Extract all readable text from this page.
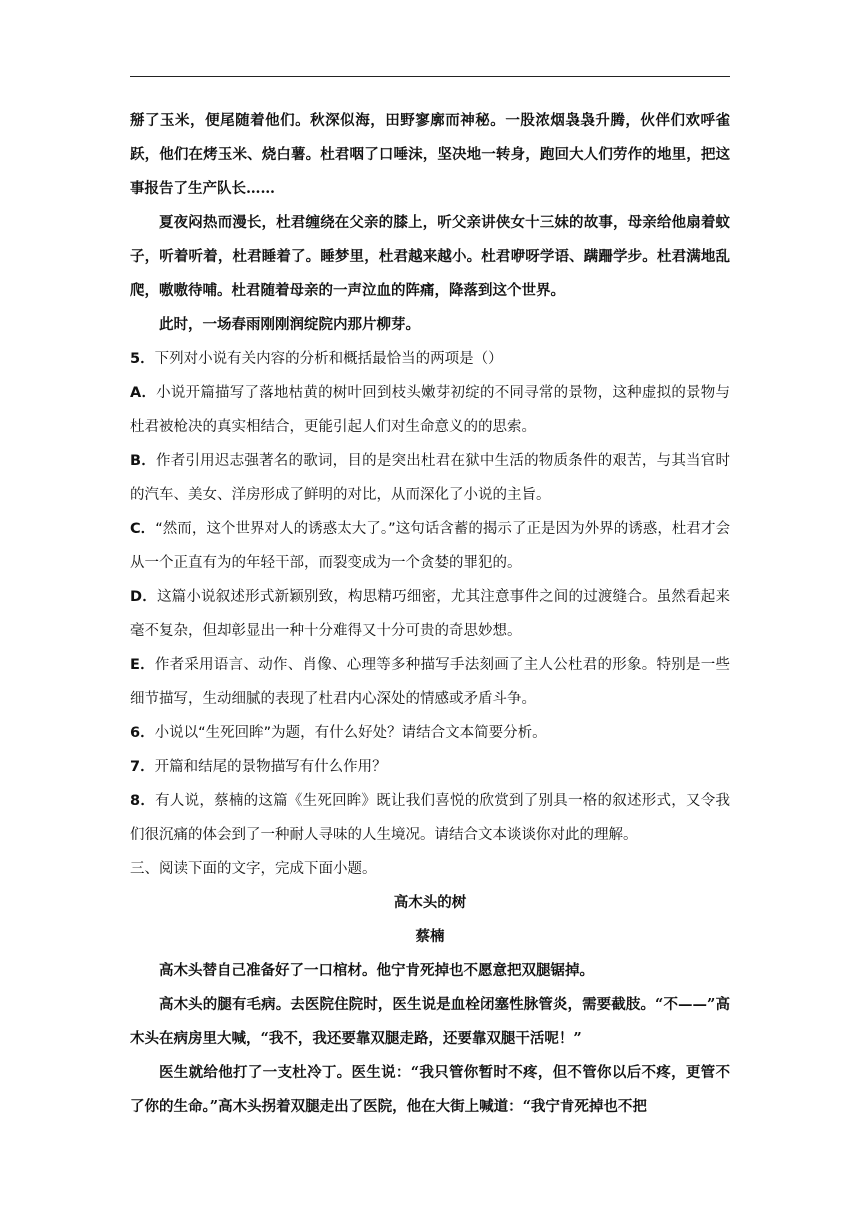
掰了玉米，便尾随着他们。秋深似海，田野寥廓而神秘。一股浓烟袅袅升腾，伙伴们欢呼雀跃，他们在烤玉米、烧白薯。杜君咽了口唾沫，坚决地一转身，跑回大人们劳作的地里，把这事报告了生产队长……

夏夜闷热而漫长，杜君缠绕在父亲的膝上，听父亲讲侠女十三妹的故事，母亲给他扇着蚊子，听着听着，杜君睡着了。睡梦里，杜君越来越小。杜君咿呀学语、蹒跚学步。杜君满地乱爬，嗷嗷待哺。杜君随着母亲的一声泣血的阵痛，降落到这个世界。

此时，一场春雨刚刚润绽院内那片柳芽。

5．下列对小说有关内容的分析和概括最恰当的两项是（）

A．小说开篇描写了落地枯黄的树叶回到枝头嫩芽初绽的不同寻常的景物，这种虚拟的景物与杜君被枪决的真实相结合，更能引起人们对生命意义的的思索。

B．作者引用迟志强著名的歌词，目的是突出杜君在狱中生活的物质条件的艰苦，与其当官时的汽车、美女、洋房形成了鲜明的对比，从而深化了小说的主旨。

C．“然而，这个世界对人的诱惑太大了。”这句话含蓄的揭示了正是因为外界的诱惑，杜君才会从一个正直有为的年轻干部，而裂变成为一个贪婪的罪犯的。

D．这篇小说叙述形式新颖别致，构思精巧细密，尤其注意事件之间的过渡缝合。虽然看起来毫不复杂，但却彰显出一种十分难得又十分可贵的奇思妙想。

E．作者采用语言、动作、肖像、心理等多种描写手法刻画了主人公杜君的形象。特别是一些细节描写，生动细腻的表现了杜君内心深处的情感或矛盾斗争。

6．小说以“生死回眸”为题，有什么好处？请结合文本简要分析。

7．开篇和结尾的景物描写有什么作用？

8．有人说，蔡楠的这篇《生死回眸》既让我们喜悦的欣赏到了别具一格的叙述形式，又令我们很沉痛的体会到了一种耐人寻味的人生境况。请结合文本谈谈你对此的理解。

三、阅读下面的文字，完成下面小题。

高木头的树

蔡楠

高木头替自己准备好了一口棺材。他宁肯死掉也不愿意把双腿锯掉。

高木头的腿有毛病。去医院住院时，医生说是血栓闭塞性脉管炎，需要截肢。“不——”高木头在病房里大喊，“我不，我还要靠双腿走路，还要靠双腿干活呢！”

医生就给他打了一支杜冷丁。医生说：“我只管你暂时不疼，但不管你以后不疼，更管不了你的生命。”高木头拐着双腿走出了医院，他在大街上喊道：“我宁肯死掉也不把
